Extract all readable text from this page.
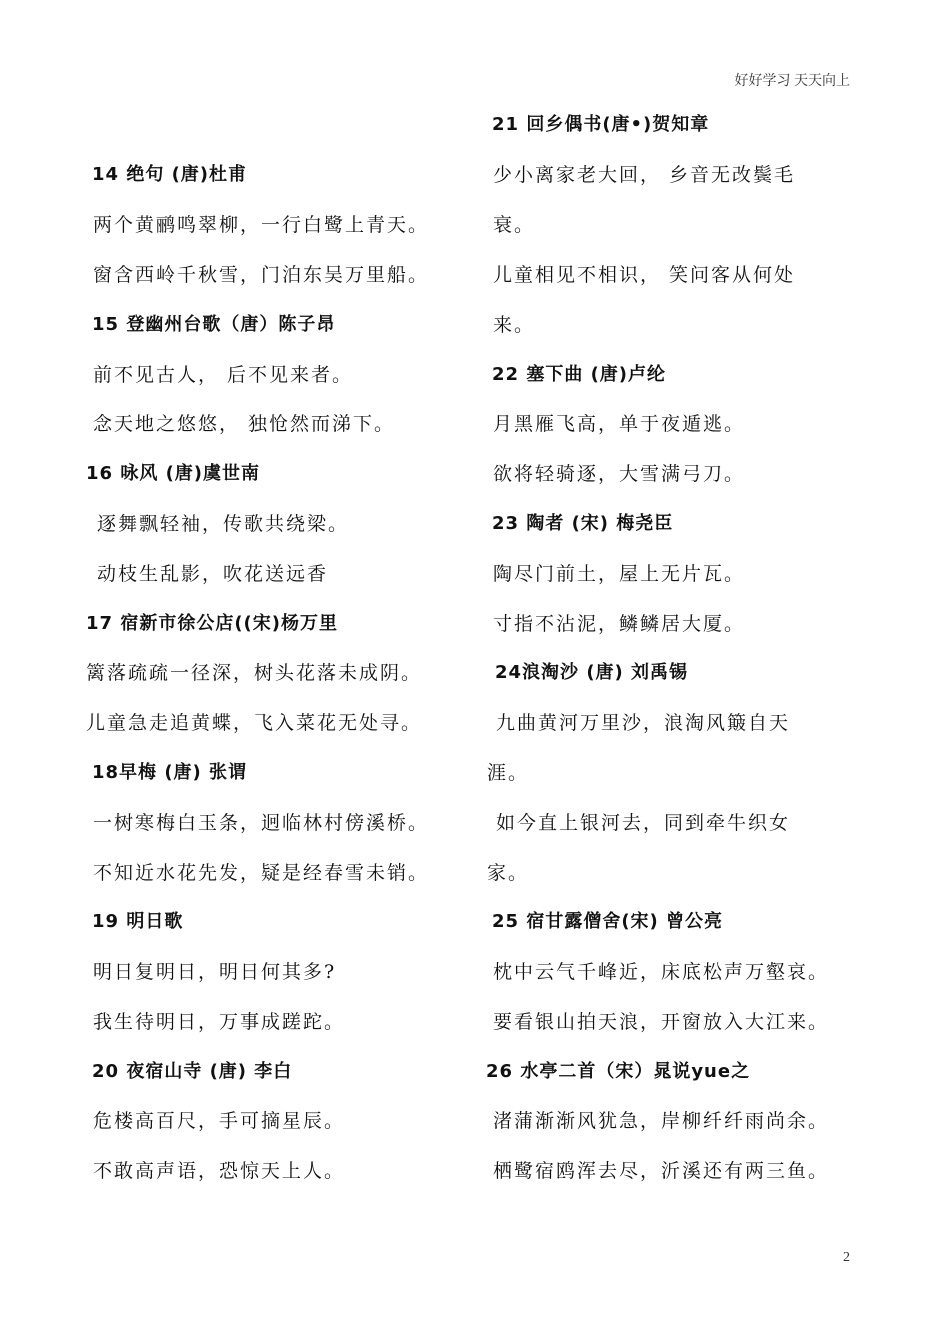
好好学习 天天向上
14 绝句 (唐)杜甫
两个黄鹂鸣翠柳，一行白鹭上青天。
窗含西岭千秋雪，门泊东吴万里船。
15 登幽州台歌（唐）陈子昂
前不见古人， 后不见来者。
念天地之悠悠， 独怆然而涕下。
16 咏风 (唐)虞世南
逐舞飘轻袖，传歌共绕梁。
动枝生乱影，吹花送远香
17 宿新市徐公店((宋)杨万里
篱落疏疏一径深，树头花落未成阴。
儿童急走追黄蝶，飞入菜花无处寻。
18早梅 (唐) 张谓
一树寒梅白玉条，迥临林村傍溪桥。
不知近水花先发，疑是经春雪未销。
19 明日歌
明日复明日，明日何其多?
我生待明日，万事成蹉跎。
20 夜宿山寺 (唐) 李白
危楼高百尺，手可摘星辰。
不敢高声语，恐惊天上人。
21 回乡偶书(唐•)贺知章
少小离家老大回， 乡音无改鬓毛
衰。
儿童相见不相识， 笑问客从何处
来。
22 塞下曲 (唐)卢纶
月黑雁飞高，单于夜遁逃。
欲将轻骑逐，大雪满弓刀。
23 陶者 (宋) 梅尧臣
陶尽门前土，屋上无片瓦。
寸指不沾泥，鳞鳞居大厦。
24浪淘沙 (唐) 刘禹锡
九曲黄河万里沙，浪淘风簸自天
涯。
如今直上银河去，同到牵牛织女
家。
25 宿甘露僧舍(宋) 曾公亮
枕中云气千峰近，床底松声万壑哀。
要看银山拍天浪，开窗放入大江来。
26 水亭二首（宋）晁说yue之
渚蒲渐渐风犹急，岸柳纤纤雨尚余。
栖鹭宿鸥浑去尽，沂溪还有两三鱼。
2
